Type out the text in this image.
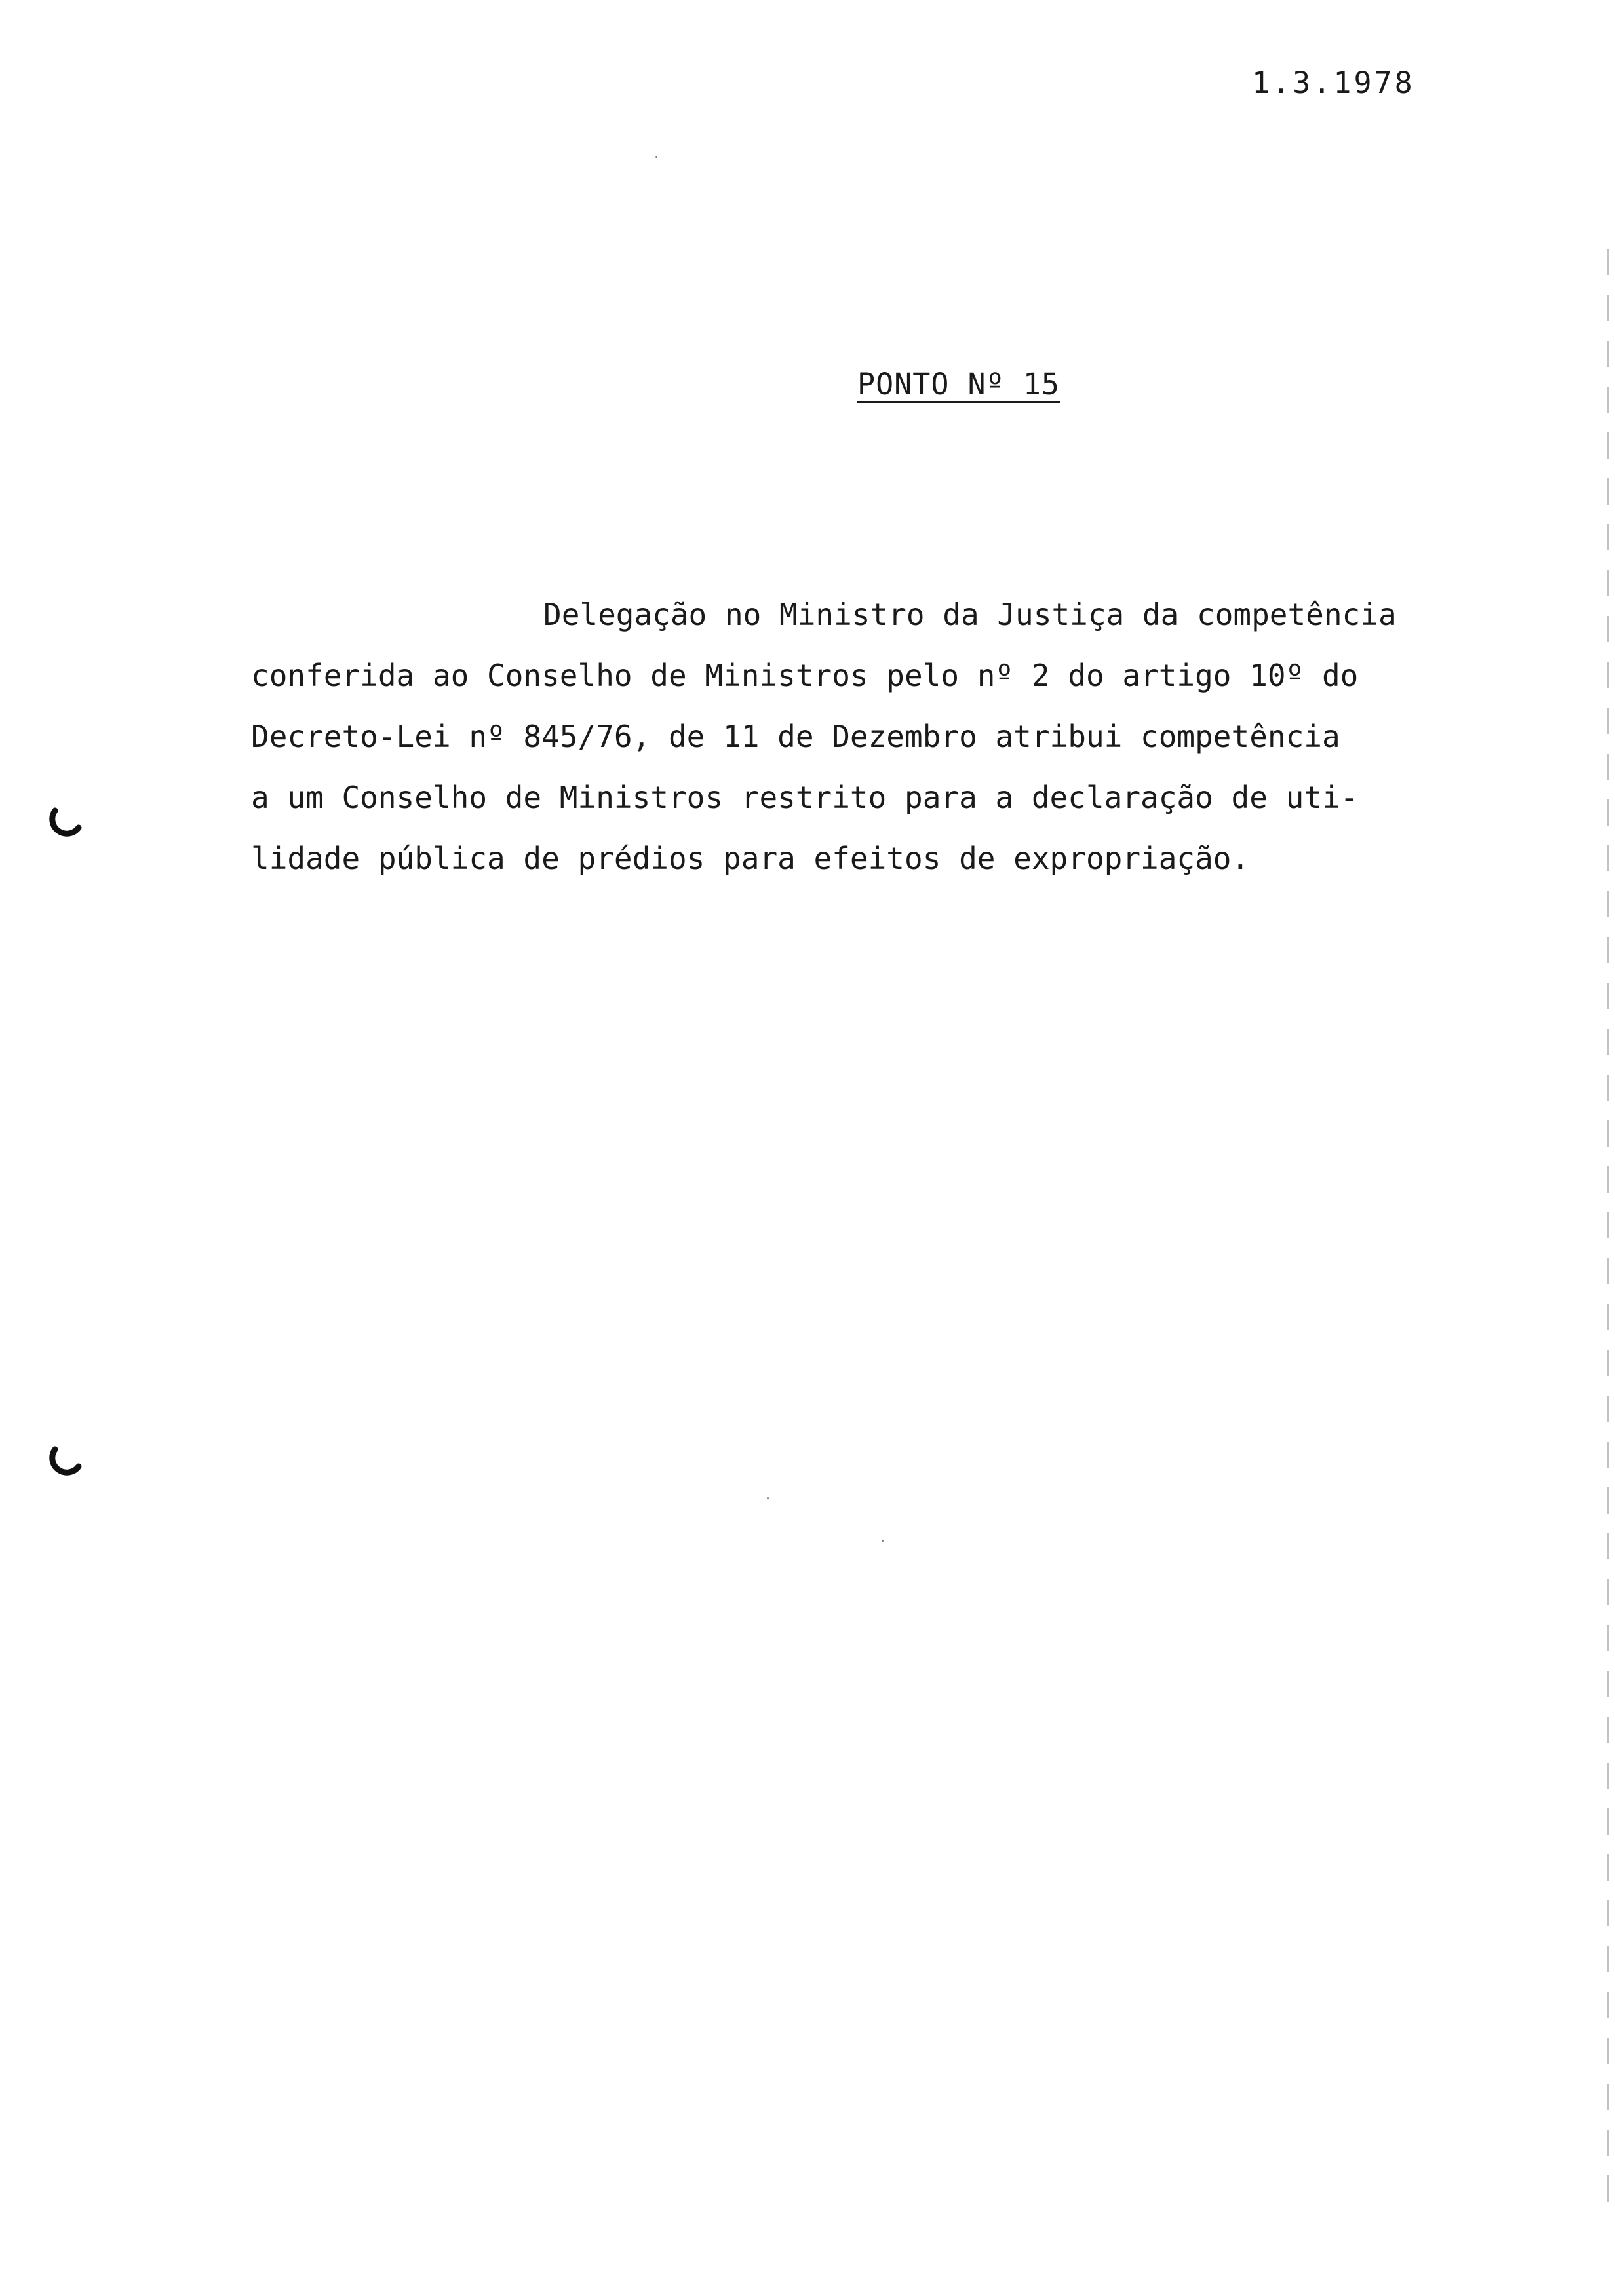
1.3.1978
PONTO Nº 15
Delegação no Ministro da Justiça da competência
conferida ao Conselho de Ministros pelo nº 2 do artigo 10º do
Decreto-Lei nº 845/76, de 11 de Dezembro atribui competência
a um Conselho de Ministros restrito para a declaração de uti-
lidade pública de prédios para efeitos de expropriação.
